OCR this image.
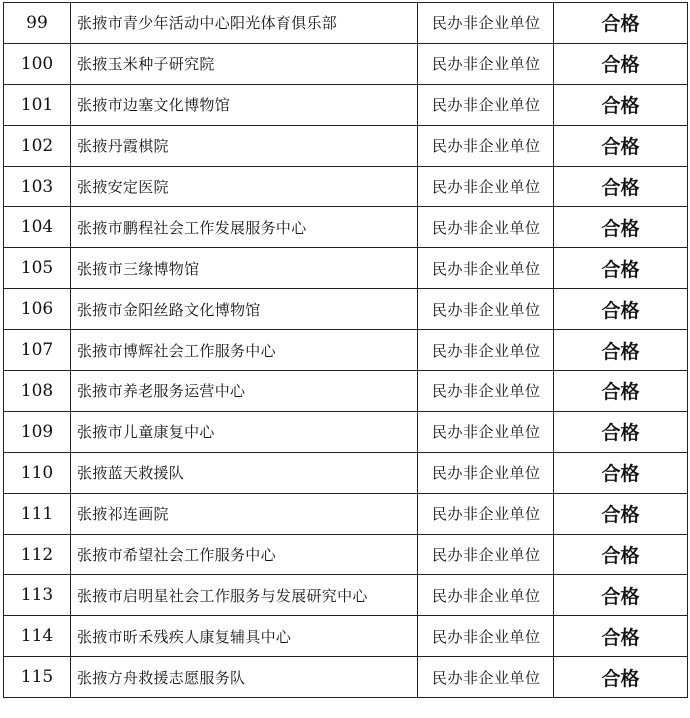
99	张掖市青少年活动中心阳光体育俱乐部	民办非企业单位	合格
100	张掖玉米种子研究院	民办非企业单位	合格
101	张掖市边塞文化博物馆	民办非企业单位	合格
102	张掖丹霞棋院	民办非企业单位	合格
103	张掖安定医院	民办非企业单位	合格
104	张掖市鹏程社会工作发展服务中心	民办非企业单位	合格
105	张掖市三缘博物馆	民办非企业单位	合格
106	张掖市金阳丝路文化博物馆	民办非企业单位	合格
107	张掖市博辉社会工作服务中心	民办非企业单位	合格
108	张掖市养老服务运营中心	民办非企业单位	合格
109	张掖市儿童康复中心	民办非企业单位	合格
110	张掖蓝天救援队	民办非企业单位	合格
111	张掖祁连画院	民办非企业单位	合格
112	张掖市希望社会工作服务中心	民办非企业单位	合格
113	张掖市启明星社会工作服务与发展研究中心	民办非企业单位	合格
114	张掖市昕禾残疾人康复辅具中心	民办非企业单位	合格
115	张掖方舟救援志愿服务队	民办非企业单位	合格
